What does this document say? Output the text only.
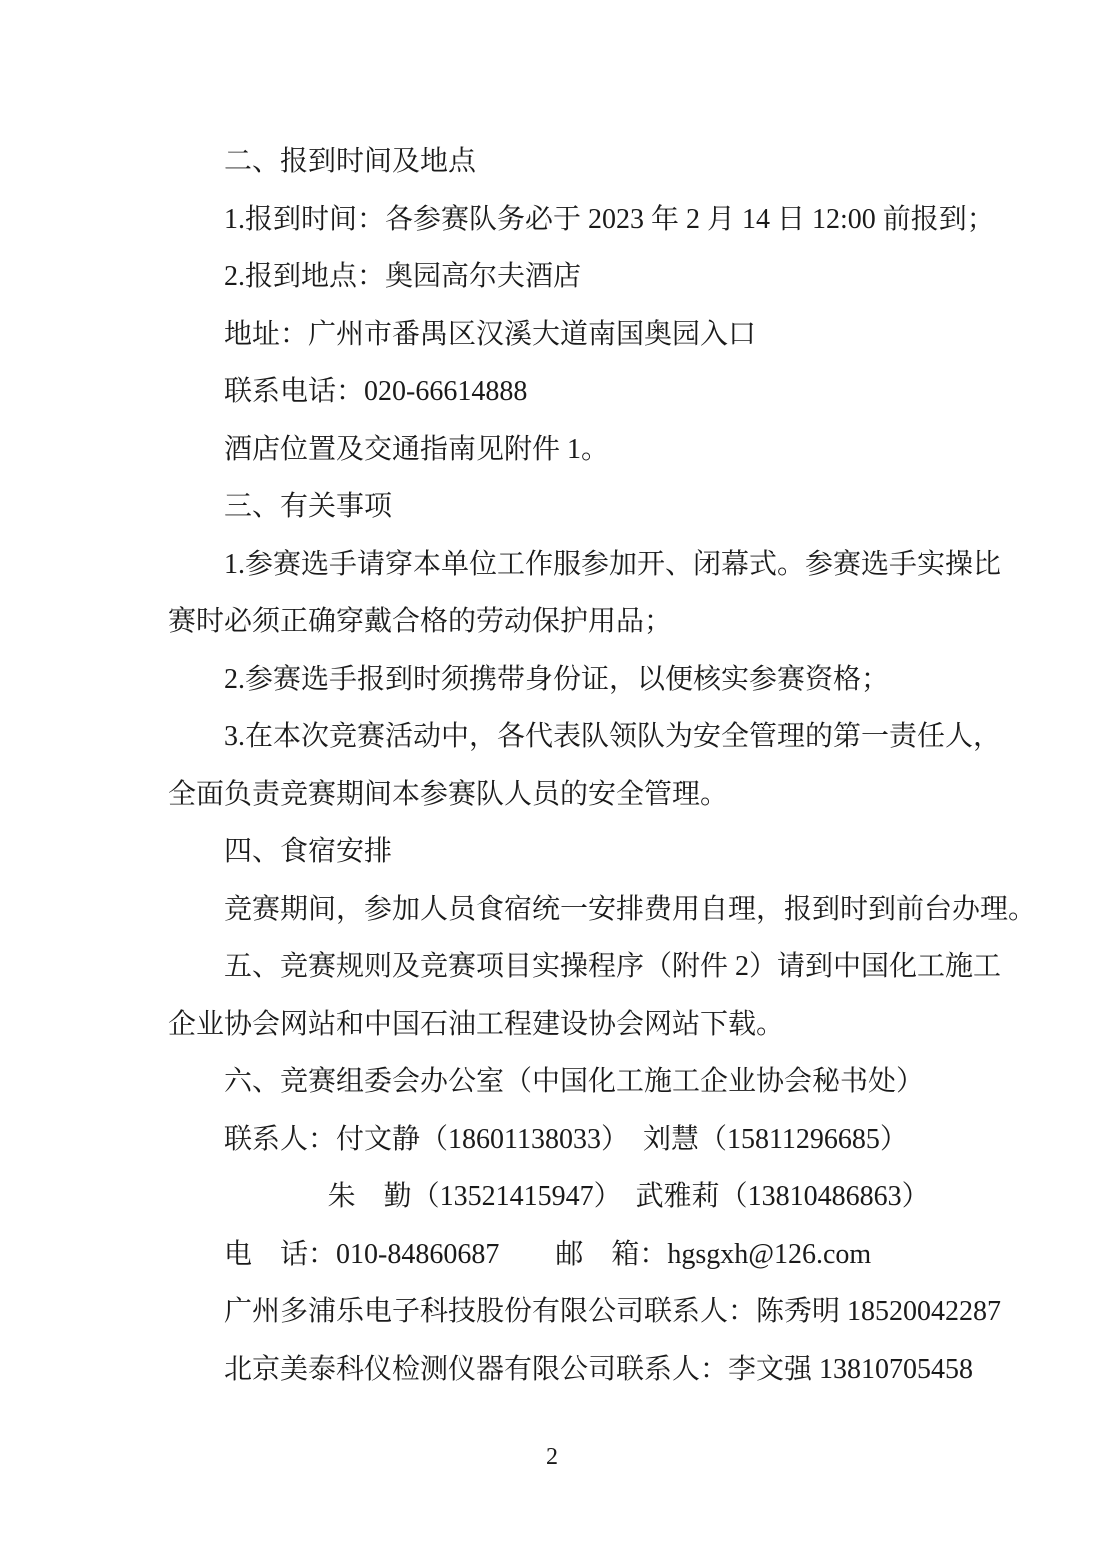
二、报到时间及地点
1.报到时间：各参赛队务必于 2023 年 2 月 14 日 12:00 前报到；
2.报到地点：奥园高尔夫酒店
地址：广州市番禺区汉溪大道南国奥园入口
联系电话：020-66614888
酒店位置及交通指南见附件 1。
三、有关事项
1.参赛选手请穿本单位工作服参加开、闭幕式。参赛选手实操比
赛时必须正确穿戴合格的劳动保护用品；
2.参赛选手报到时须携带身份证，以便核实参赛资格；
3.在本次竞赛活动中，各代表队领队为安全管理的第一责任人，
全面负责竞赛期间本参赛队人员的安全管理。
四、食宿安排
竞赛期间，参加人员食宿统一安排费用自理，报到时到前台办理。
五、竞赛规则及竞赛项目实操程序（附件 2）请到中国化工施工
企业协会网站和中国石油工程建设协会网站下载。
六、竞赛组委会办公室（中国化工施工企业协会秘书处）
联系人：付文静（18601138033）　刘慧（15811296685）
朱　勤（13521415947）　武雅莉（13810486863）
电　话：010-84860687　　邮　箱：hgsgxh@126.com
广州多浦乐电子科技股份有限公司联系人：陈秀明 18520042287
北京美泰科仪检测仪器有限公司联系人：李文强 13810705458
2
